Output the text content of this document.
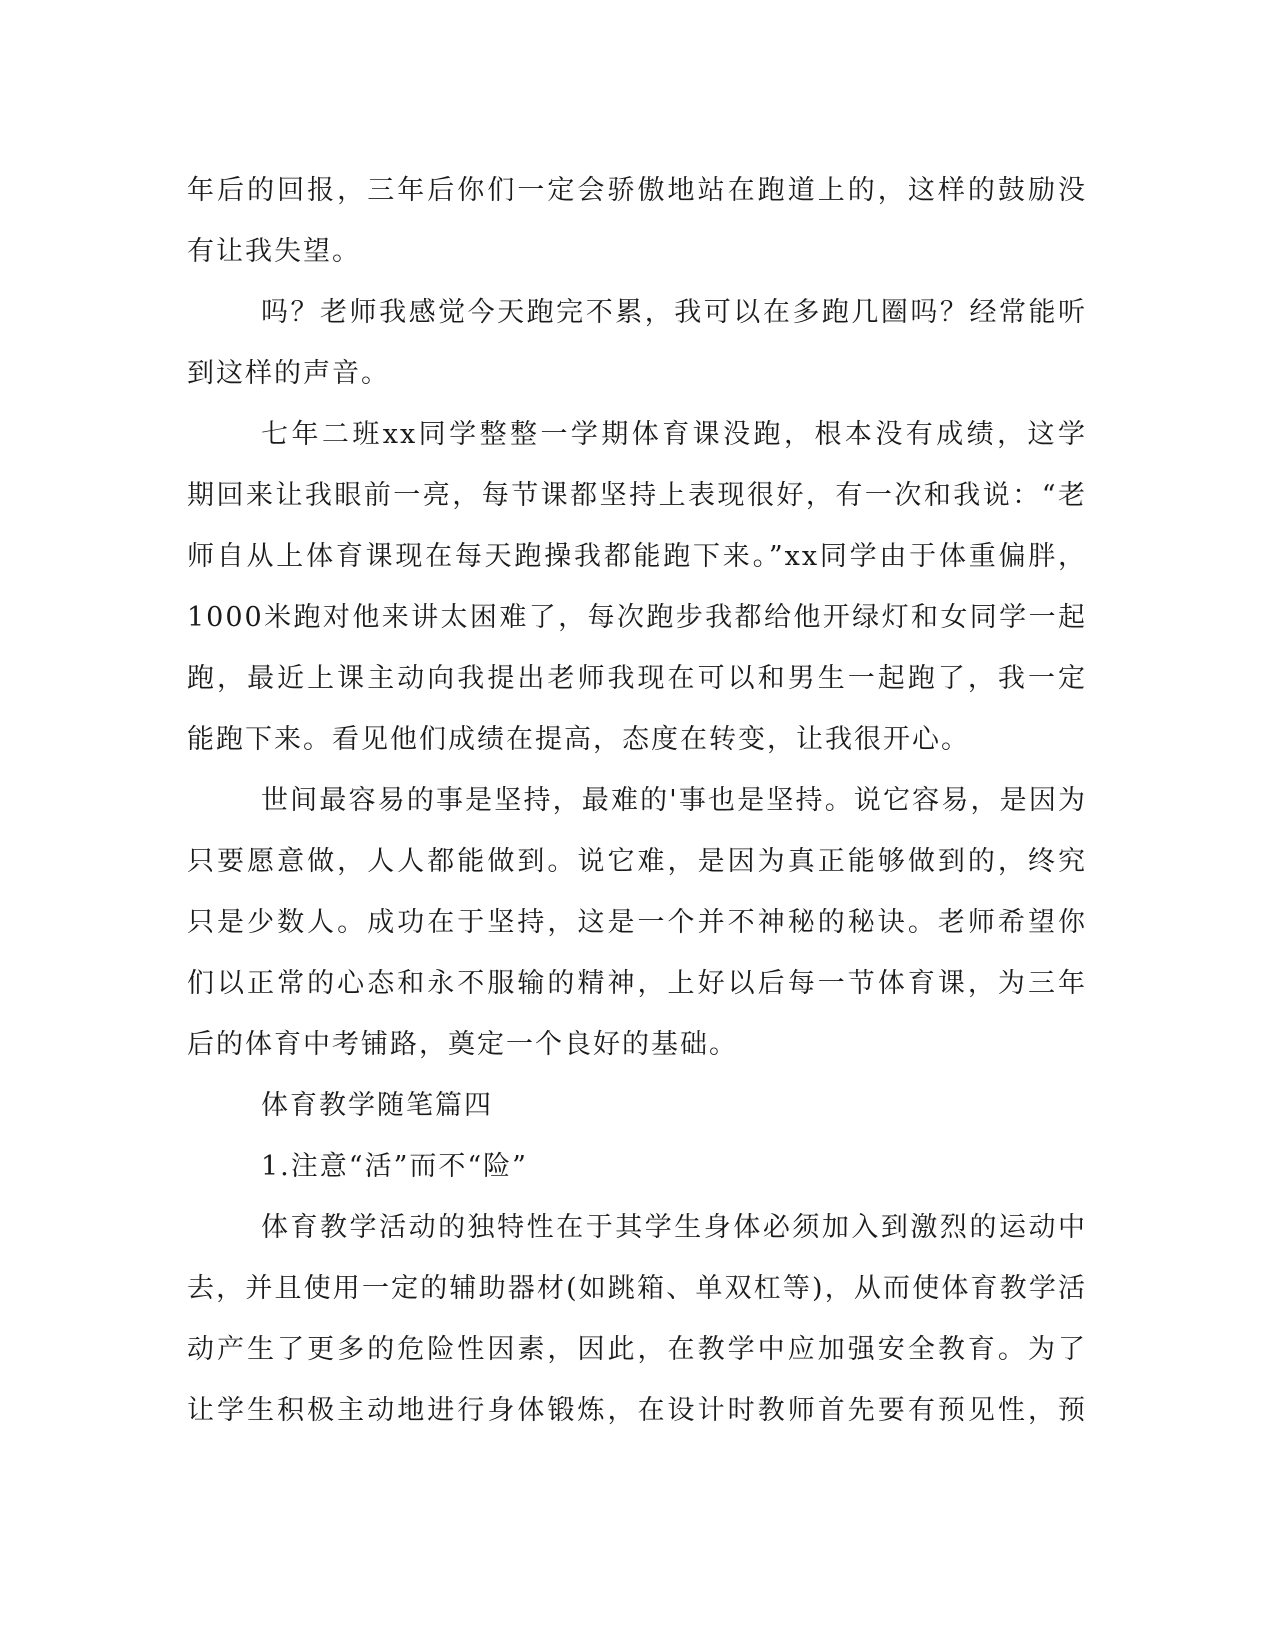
年后的回报，三年后你们一定会骄傲地站在跑道上的，这样的鼓励没
有让我失望。
吗？老师我感觉今天跑完不累，我可以在多跑几圈吗？经常能听
到这样的声音。
七年二班xx同学整整一学期体育课没跑，根本没有成绩，这学
期回来让我眼前一亮，每节课都坚持上表现很好，有一次和我说：“老
师自从上体育课现在每天跑操我都能跑下来。”xx同学由于体重偏胖，
1000米跑对他来讲太困难了，每次跑步我都给他开绿灯和女同学一起
跑，最近上课主动向我提出老师我现在可以和男生一起跑了，我一定
能跑下来。看见他们成绩在提高，态度在转变，让我很开心。
世间最容易的事是坚持，最难的'事也是坚持。说它容易，是因为
只要愿意做，人人都能做到。说它难，是因为真正能够做到的，终究
只是少数人。成功在于坚持，这是一个并不神秘的秘诀。老师希望你
们以正常的心态和永不服输的精神，上好以后每一节体育课，为三年
后的体育中考铺路，奠定一个良好的基础。
体育教学随笔篇四
1.注意“活”而不“险”
体育教学活动的独特性在于其学生身体必须加入到激烈的运动中
去，并且使用一定的辅助器材(如跳箱、单双杠等)，从而使体育教学活
动产生了更多的危险性因素，因此，在教学中应加强安全教育。为了
让学生积极主动地进行身体锻炼，在设计时教师首先要有预见性，预
